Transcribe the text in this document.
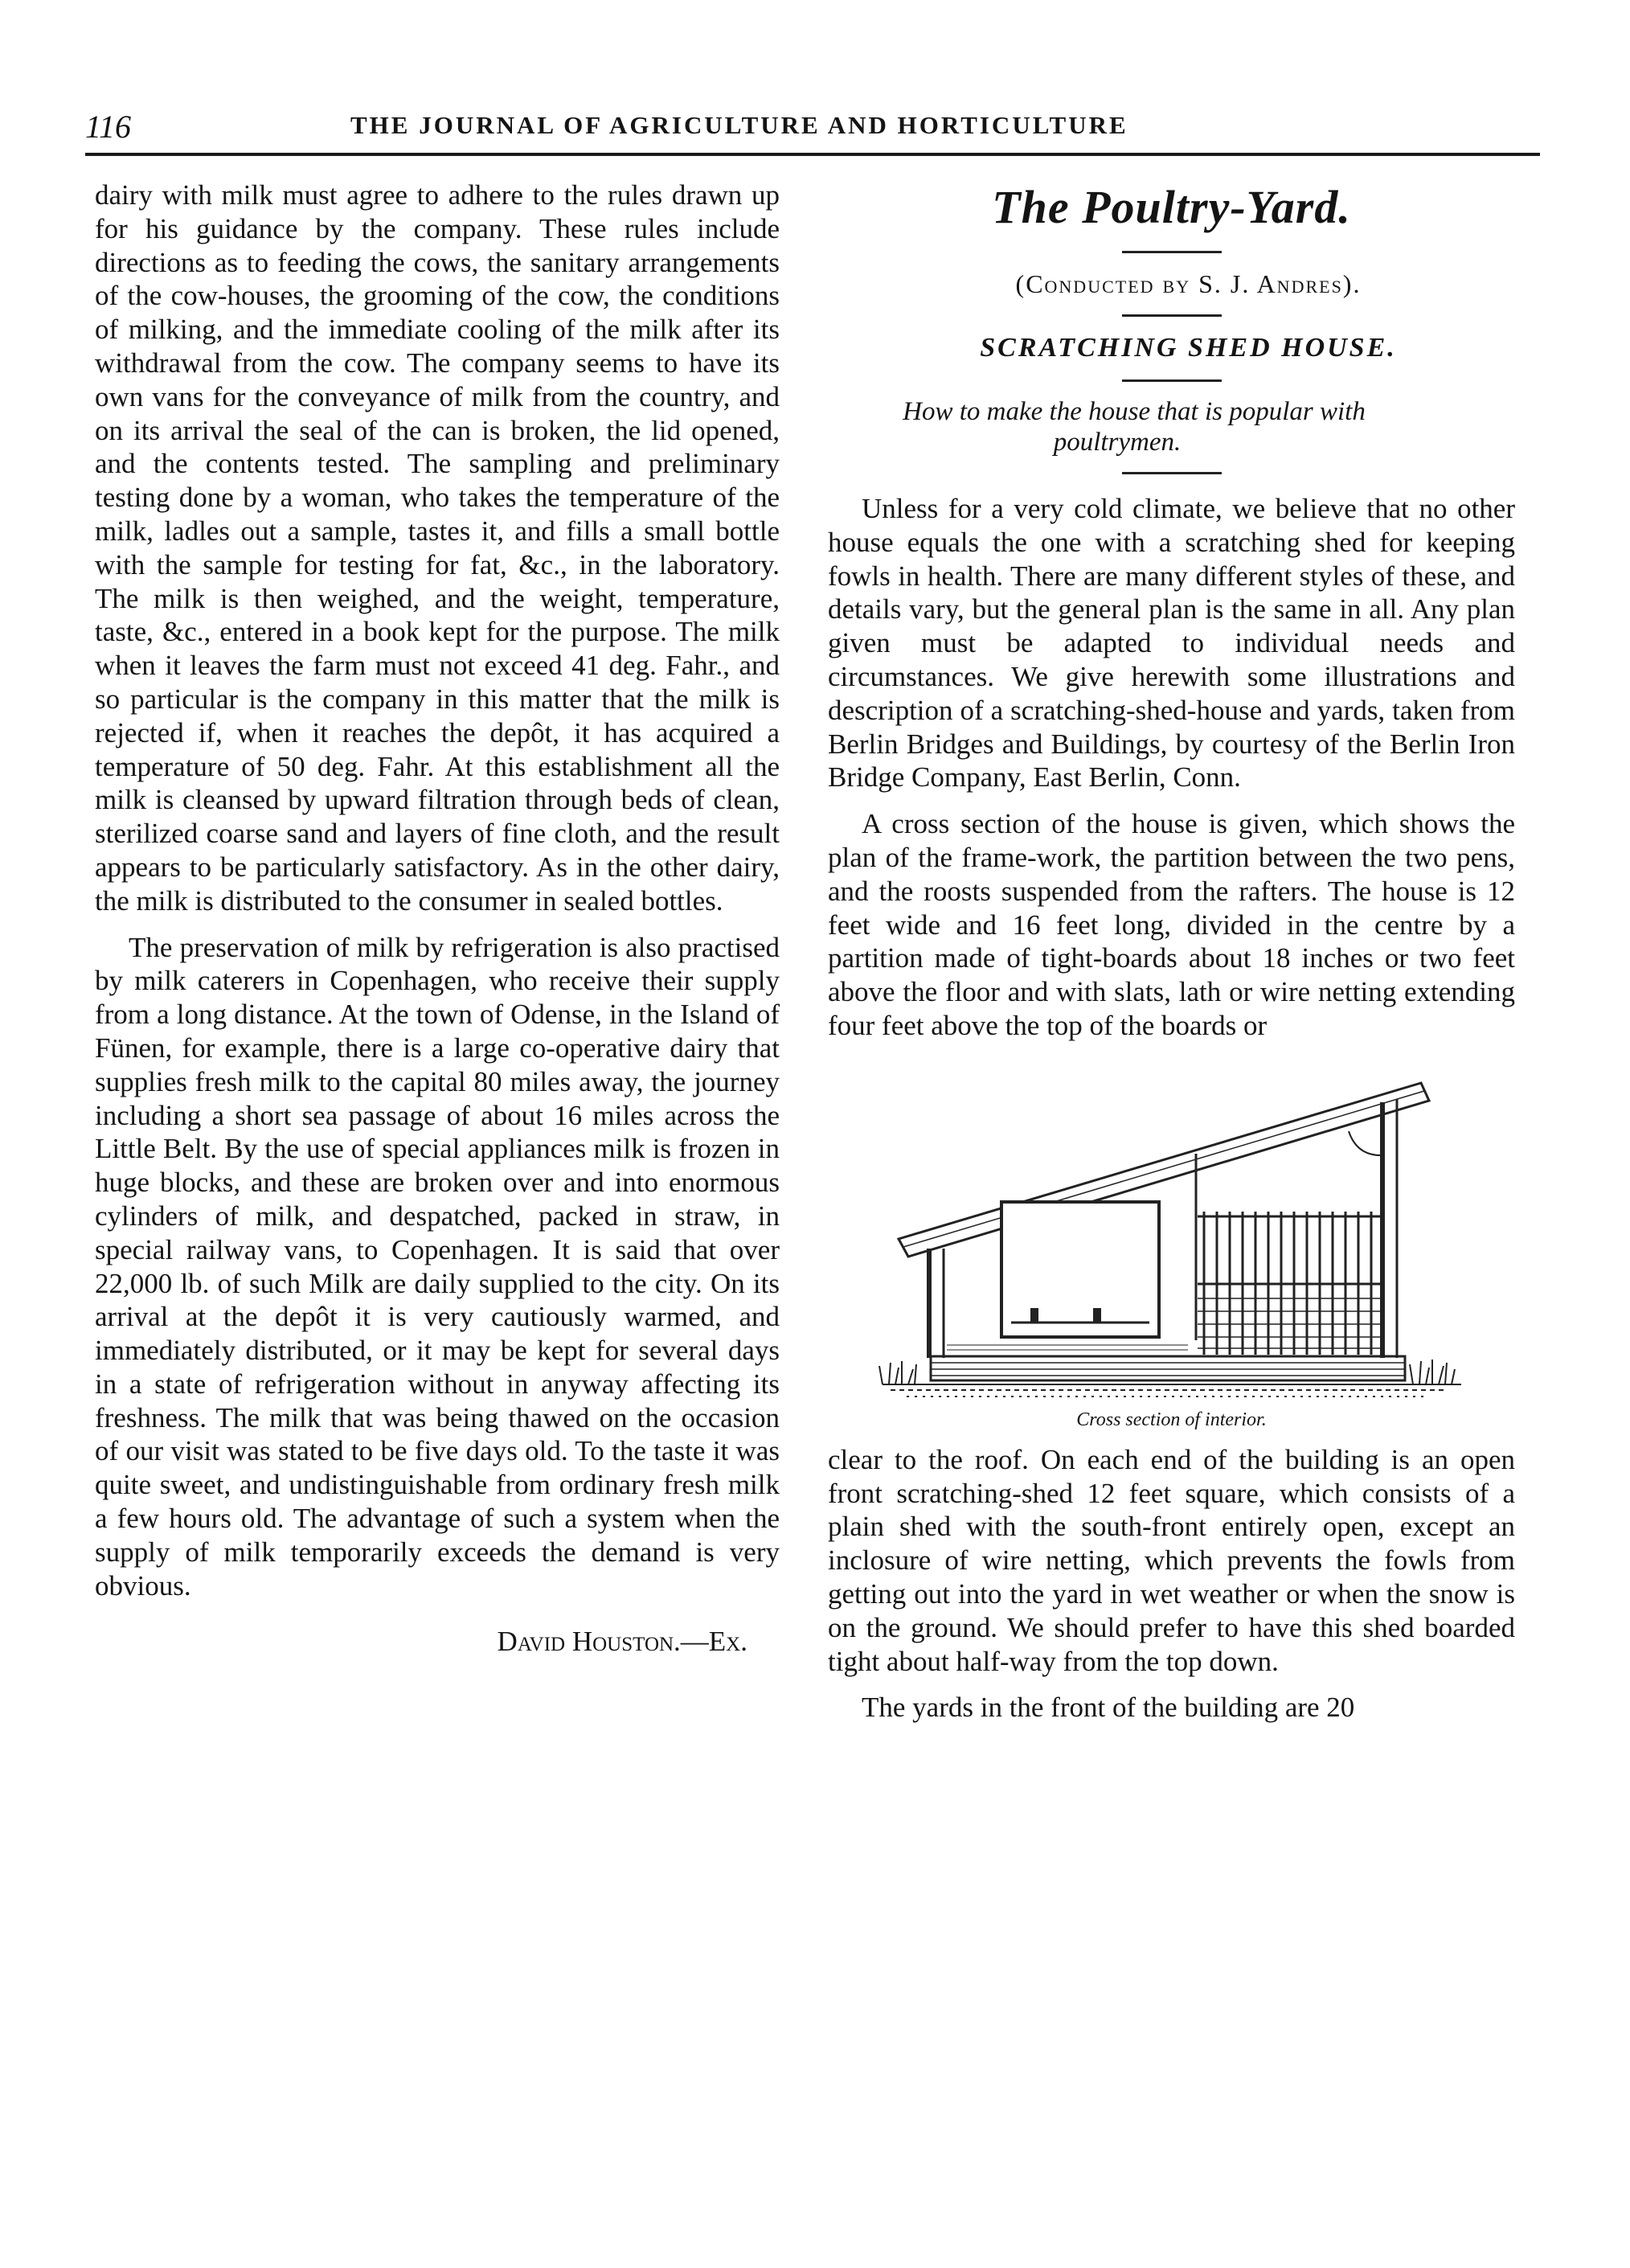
116	THE JOURNAL OF AGRICULTURE AND HORTICULTURE

dairy with milk must agree to adhere to the rules drawn up for his guidance by the company. These rules include directions as to feeding the cows, the sanitary arrangements of the cow-houses, the grooming of the cow, the conditions of milking, and the immediate cooling of the milk after its withdrawal from the cow. The company seems to have its own vans for the conveyance of milk from the country, and on its arrival the seal of the can is broken, the lid opened, and the contents tested. The sampling and preliminary testing done by a woman, who takes the temperature of the milk, ladles out a sample, tastes it, and fills a small bottle with the sample for testing for fat, &c., in the laboratory. The milk is then weighed, and the weight, temperature, taste, &c., entered in a book kept for the purpose. The milk when it leaves the farm must not exceed 41 deg. Fahr., and so particular is the company in this matter that the milk is rejected if, when it reaches the depôt, it has acquired a temperature of 50 deg. Fahr. At this establishment all the milk is cleansed by upward filtration through beds of clean, sterilized coarse sand and layers of fine cloth, and the result appears to be particularly satisfactory. As in the other dairy, the milk is distributed to the consumer in sealed bottles.

The preservation of milk by refrigeration is also practised by milk caterers in Copenhagen, who receive their supply from a long distance. At the town of Odense, in the Island of Fünen, for example, there is a large co-operative dairy that supplies fresh milk to the capital 80 miles away, the journey including a short sea passage of about 16 miles across the Little Belt. By the use of special appliances milk is frozen in huge blocks, and these are broken over and into enormous cylinders of milk, and despatched, packed in straw, in special railway vans, to Copenhagen. It is said that over 22,000 lb. of such Milk are daily supplied to the city. On its arrival at the depôt it is very cautiously warmed, and immediately distributed, or it may be kept for several days in a state of refrigeration without in anyway affecting its freshness. The milk that was being thawed on the occasion of our visit was stated to be five days old. To the taste it was quite sweet, and undistinguishable from ordinary fresh milk a few hours old. The advantage of such a system when the supply of milk temporarily exceeds the demand is very obvious.

David Houston.—Ex.
The Poultry-Yard.

(Conducted by S. J. Andres).

SCRATCHING SHED HOUSE.

How to make the house that is popular with poultrymen.

Unless for a very cold climate, we believe that no other house equals the one with a scratching shed for keeping fowls in health. There are many different styles of these, and details vary, but the general plan is the same in all. Any plan given must be adapted to individual needs and circumstances. We give herewith some illustrations and description of a scratching-shed-house and yards, taken from Berlin Bridges and Buildings, by courtesy of the Berlin Iron Bridge Company, East Berlin, Conn.

A cross section of the house is given, which shows the plan of the frame-work, the partition between the two pens, and the roosts suspended from the rafters. The house is 12 feet wide and 16 feet long, divided in the centre by a partition made of tight-boards about 18 inches or two feet above the floor and with slats, lath or wire netting extending four feet above the top of the boards or

Cross section of interior.

clear to the roof. On each end of the building is an open front scratching-shed 12 feet square, which consists of a plain shed with the south-front entirely open, except an inclosure of wire netting, which prevents the fowls from getting out into the yard in wet weather or when the snow is on the ground. We should prefer to have this shed boarded tight about half-way from the top down.

The yards in the front of the building are 20
